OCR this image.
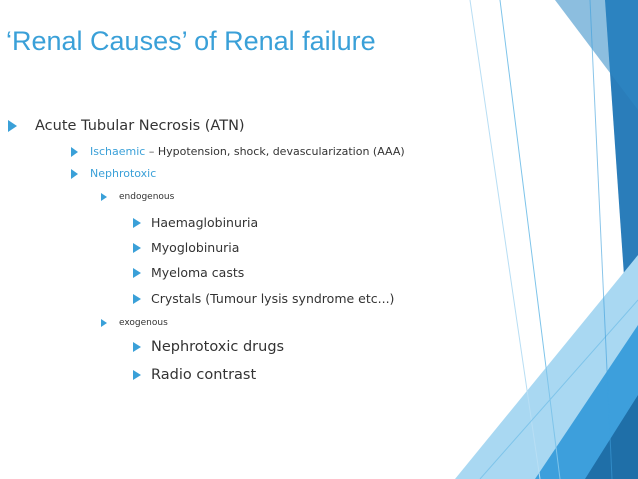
‘Renal Causes’ of Renal failure
Acute Tubular Necrosis (ATN)
Ischaemic – Hypotension, shock, devascularization (AAA)
Nephrotoxic
endogenous
Haemaglobinuria
Myoglobinuria
Myeloma casts
Crystals (Tumour lysis syndrome etc...)
exogenous
Nephrotoxic drugs
Radio contrast
